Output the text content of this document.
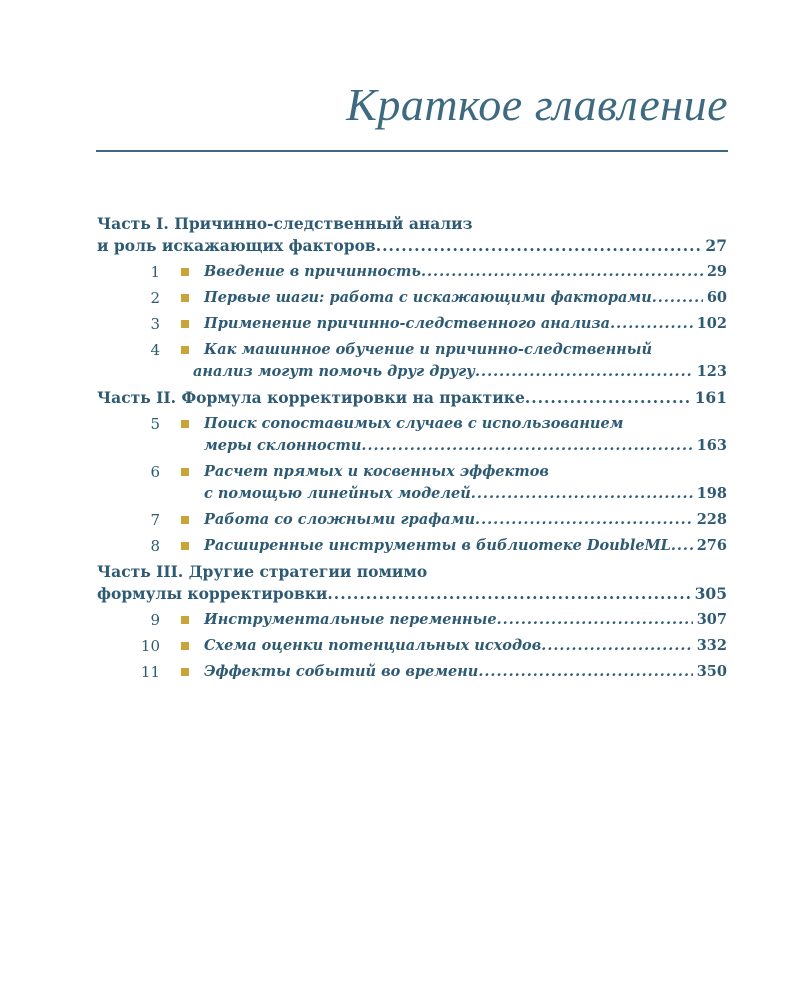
Краткое главление
Часть I. Причинно-следственный анализ
и роль искажающих факторов .....	27
1	Введение в причинность .....	29
2	Первые шаги: работа с искажающими факторами .....	60
3	Применение причинно-следственного анализа .....	102
4	Как машинное обучение и причинно-следственный
анализ могут помочь друг другу .....	123
Часть II. Формула корректировки на практике .....	161
5	Поиск сопоставимых случаев с использованием
меры склонности .....	163
6	Расчет прямых и косвенных эффектов
с помощью линейных моделей .....	198
7	Работа со сложными графами .....	228
8	Расширенные инструменты в библиотеке DoubleML ..... 276
Часть III. Другие стратегии помимо
формулы корректировки .....	305
9	Инструментальные переменные .....	307
10	Схема оценки потенциальных исходов .....	332
11	Эффекты событий во времени .....	350
